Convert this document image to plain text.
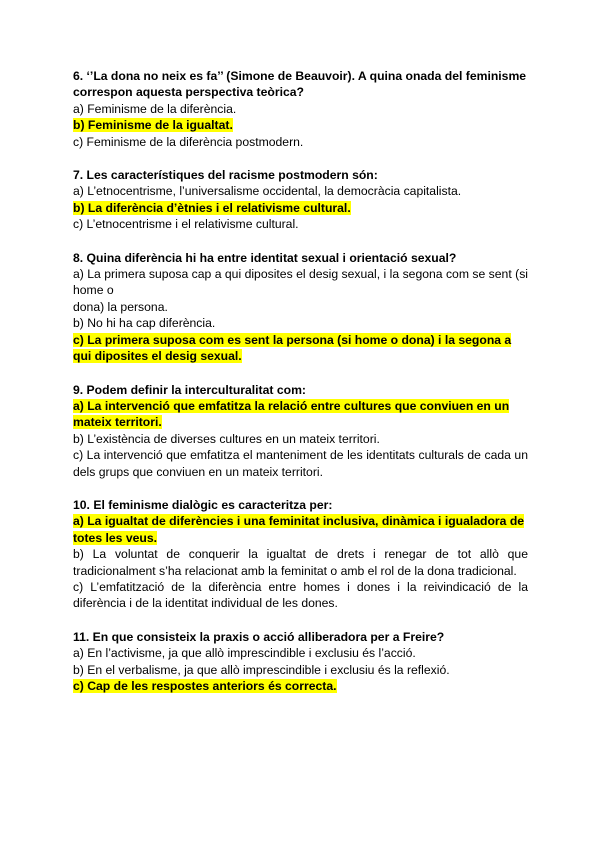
6. ‘’La dona no neix es fa’’ (Simone de Beauvoir). A quina onada del feminisme correspon aquesta perspectiva teòrica?
a) Feminisme de la diferència.
b) Feminisme de la igualtat.
c) Feminisme de la diferència postmodern.
7. Les característiques del racisme postmodern són:
a) L’etnocentrisme, l’universalisme occidental, la democràcia capitalista.
b) La diferència d’ètnies i el relativisme cultural.
c) L’etnocentrisme i el relativisme cultural.
8. Quina diferència hi ha entre identitat sexual i orientació sexual?
a) La primera suposa cap a qui diposites el desig sexual, i la segona com se sent (si home o
dona) la persona.
b) No hi ha cap diferència.
c) La primera suposa com es sent la persona (si home o dona) i la segona a qui diposites el desig sexual.
9. Podem definir la interculturalitat com:
a) La intervenció que emfatitza la relació entre cultures que conviuen en un mateix territori.
b) L’existència de diverses cultures en un mateix territori.
c) La intervenció que emfatitza el manteniment de les identitats culturals de cada un dels grups que conviuen en un mateix territori.
10. El feminisme dialògic es caracteritza per:
a) La igualtat de diferències i una feminitat inclusiva, dinàmica i igualadora de totes les veus.
b) La voluntat de conquerir la igualtat de drets i renegar de tot allò que tradicionalment s’ha relacionat amb la feminitat o amb el rol de la dona tradicional.
c) L’emfatització de la diferència entre homes i dones i la reivindicació de la diferència i de la identitat individual de les dones.
11. En que consisteix la praxis o acció alliberadora per a Freire?
a) En l’activisme, ja que allò imprescindible i exclusiu és l’acció.
b) En el verbalisme, ja que allò imprescindible i exclusiu és la reflexió.
c) Cap de les respostes anteriors és correcta.
